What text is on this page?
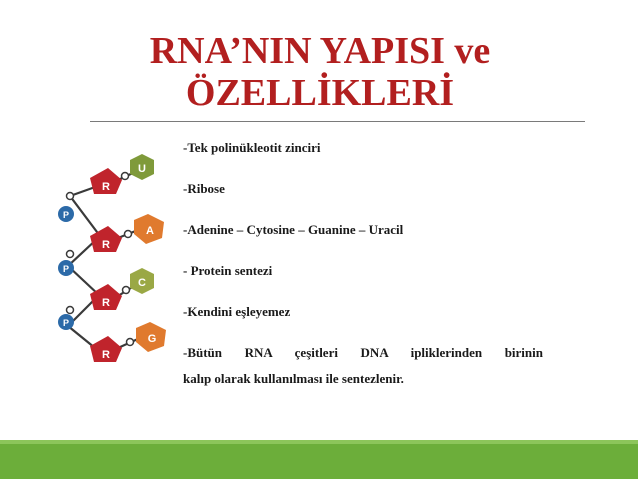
RNA’NIN YAPISI ve
ÖZELLİKLERİ
R
U
P
R
A
P
R
C
P
R
G
-Tek polinükleotit zinciri
-Ribose
-Adenine – Cytosine – Guanine – Uracil
- Protein sentezi
-Kendini eşleyemez
-Bütün RNA çeşitleri DNA ipliklerinden birinin
kalıp olarak kullanılması ile sentezlenir.
